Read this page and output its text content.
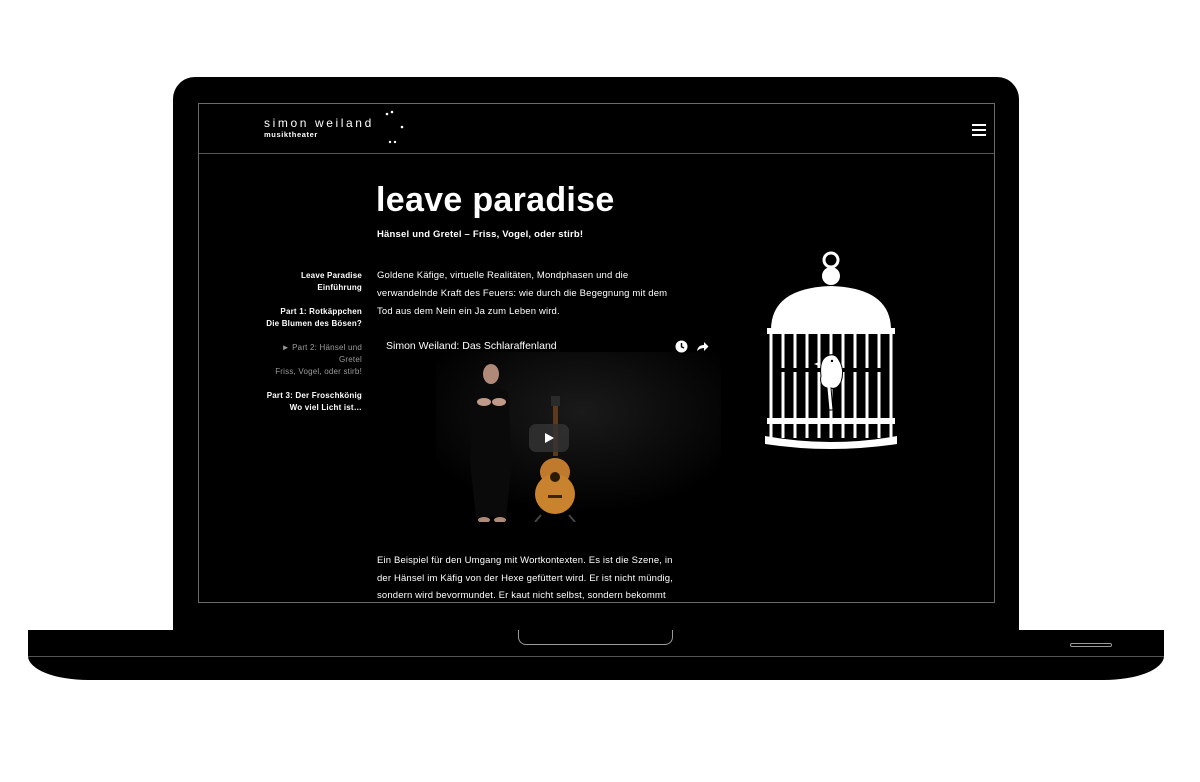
simon weiland
musiktheater
leave paradise

Hänsel und Gretel – Friss, Vogel, oder stirb!

Leave Paradise
Einführung
Part 1: Rotkäppchen
Die Blumen des Bösen?
► Part 2: Hänsel und
Gretel
Friss, Vogel, oder stirb!
Part 3: Der Froschkönig
Wo viel Licht ist…

Goldene Käfige, virtuelle Realitäten, Mondphasen und die
verwandelnde Kraft des Feuers: wie durch die Begegnung mit dem
Tod aus dem Nein ein Ja zum Leben wird.

Simon Weiland: Das Schlaraffenland

Ein Beispiel für den Umgang mit Wortkontexten. Es ist die Szene, in
der Hänsel im Käfig von der Hexe gefüttert wird. Er ist nicht mündig,
sondern wird bevormundet. Er kaut nicht selbst, sondern bekommt
